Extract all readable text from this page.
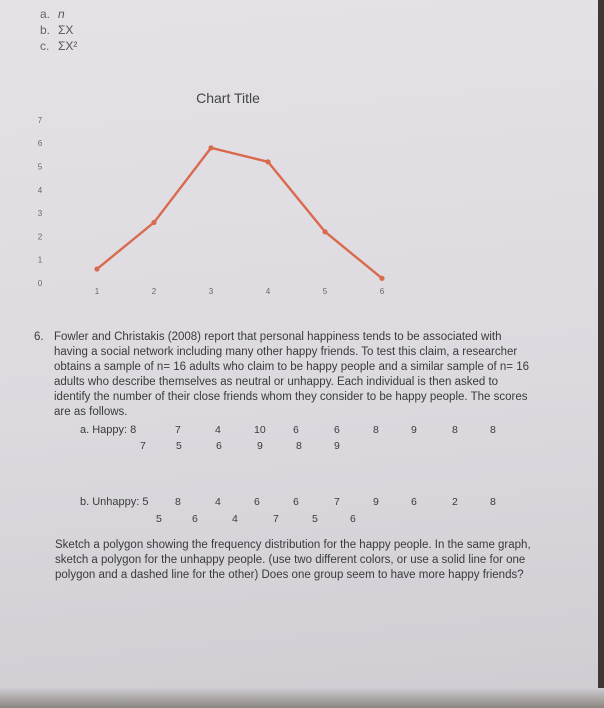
a. n
b. ΣX
c. ΣX²
Chart Title
0
1
2
3
4
5
6
7
1	2	3	4	5	6
6. Fowler and Christakis (2008) report that personal happiness tends to be associated with having a social network including many other happy friends. To test this claim, a researcher obtains a sample of n= 16 adults who claim to be happy people and a similar sample of n= 16 adults who describe themselves as neutral or unhappy. Each individual is then asked to identify the number of their close friends whom they consider to be happy people. The scores are as follows.
a. Happy: 8	7	4	10	6	6	8	9	8	8
7	5	6	9	8	9
b. Unhappy: 5	8	4	6	6	7	9	6	2	8
5	6	4	7	5	6
Sketch a polygon showing the frequency distribution for the happy people. In the same graph, sketch a polygon for the unhappy people. (use two different colors, or use a solid line for one polygon and a dashed line for the other) Does one group seem to have more happy friends?
